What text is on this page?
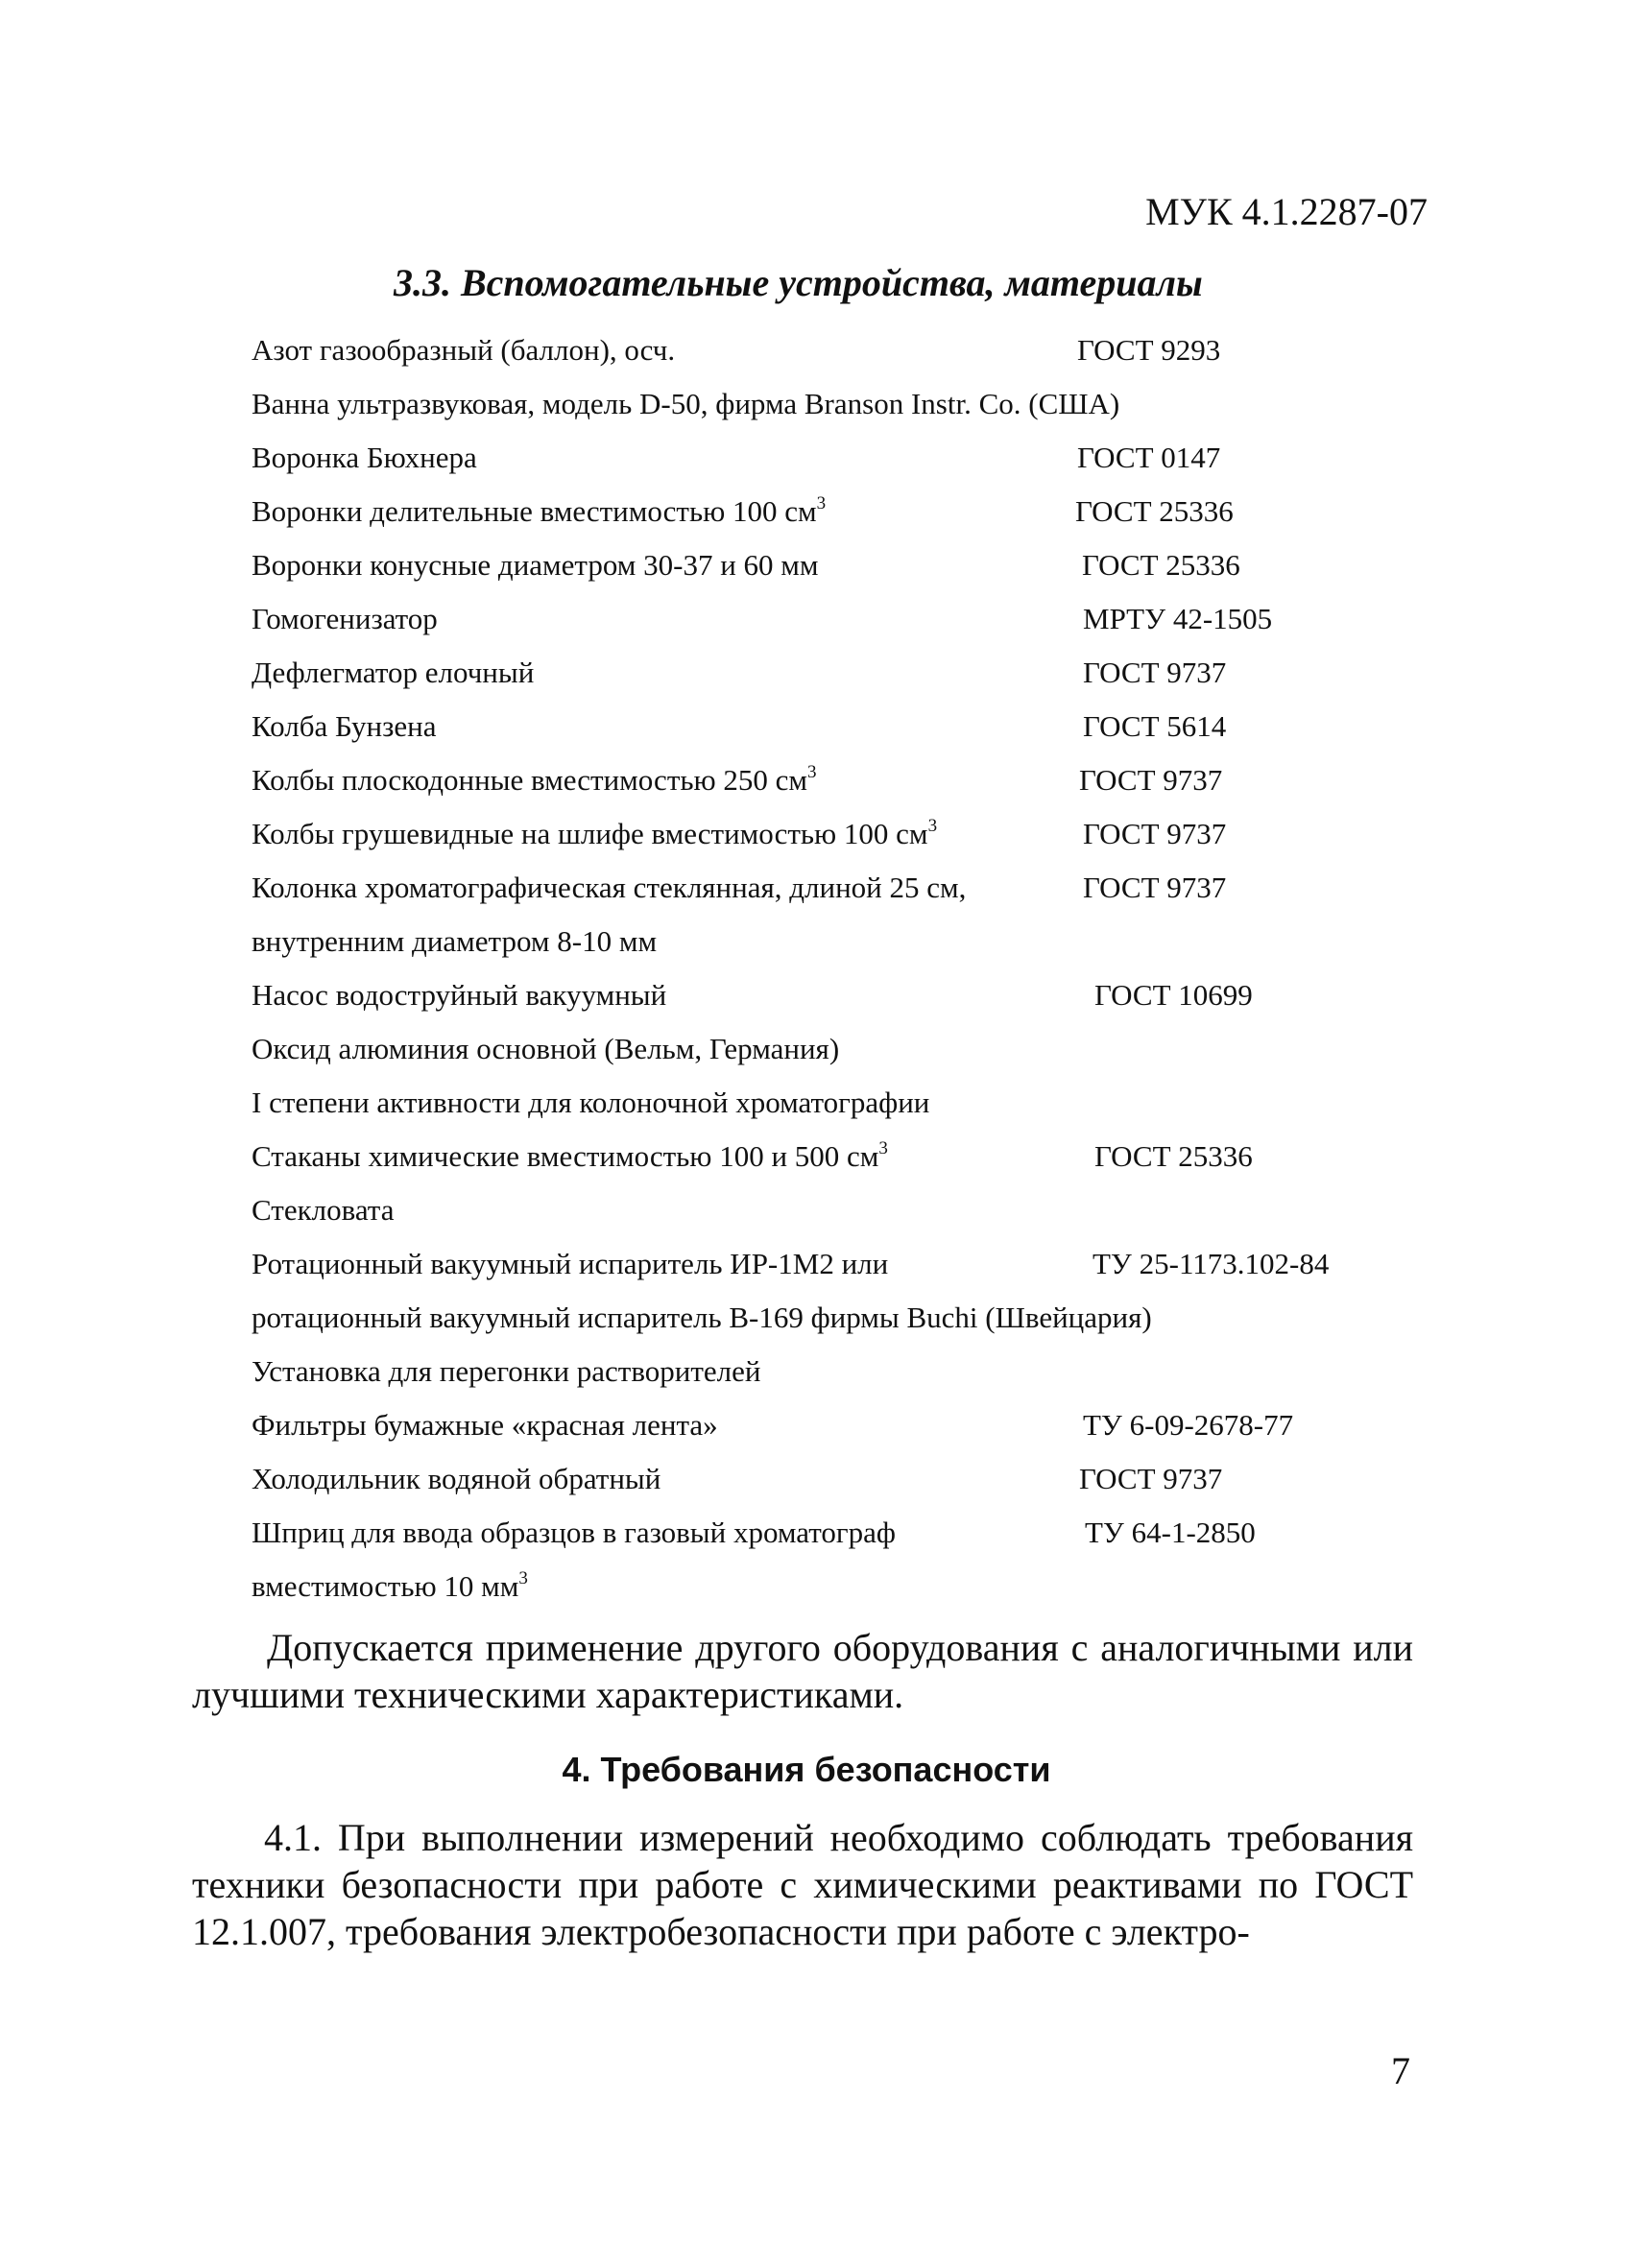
МУК 4.1.2287-07
3.3. Вспомогательные устройства, материалы
Азот газообразный (баллон), осч.	ГОСТ 9293
Ванна ультразвуковая, модель D-50, фирма Branson Instr. Co. (США)
Воронка Бюхнера	ГОСТ 0147
Воронки делительные вместимостью 100 $см^3$	ГОСТ 25336
Воронки конусные диаметром 30-37 и 60 мм	ГОСТ 25336
Гомогенизатор	МРТУ 42-1505
Дефлегматор елочный	ГОСТ 9737
Колба Бунзена	ГОСТ 5614
Колбы плоскодонные вместимостью 250 $см^3$	ГОСТ 9737
Колбы грушевидные на шлифе вместимостью 100 $см^3$	ГОСТ 9737
Колонка хроматографическая стеклянная, длиной 25 см,	ГОСТ 9737
внутренним диаметром 8-10 мм
Насос водоструйный вакуумный	ГОСТ 10699
Оксид алюминия основной (Вельм, Германия)
I степени активности для колоночной хроматографии
Стаканы химические вместимостью 100 и 500 $см^3$	ГОСТ 25336
Стекловата
Ротационный вакуумный испаритель ИР-1М2 или	ТУ 25-1173.102-84
ротационный вакуумный испаритель В-169 фирмы Buchi (Швейцария)
Установка для перегонки растворителей
Фильтры бумажные «красная лента»	ТУ 6-09-2678-77
Холодильник водяной обратный	ГОСТ 9737
Шприц для ввода образцов в газовый хроматограф	ТУ 64-1-2850
вместимостью 10 $мм^3$
Допускается применение другого оборудования с аналогичными или лучшими техническими характеристиками.
4. Требования безопасности
4.1. При выполнении измерений необходимо соблюдать требования техники безопасности при работе с химическими реактивами по ГОСТ 12.1.007, требования электробезопасности при работе с электро-
7
